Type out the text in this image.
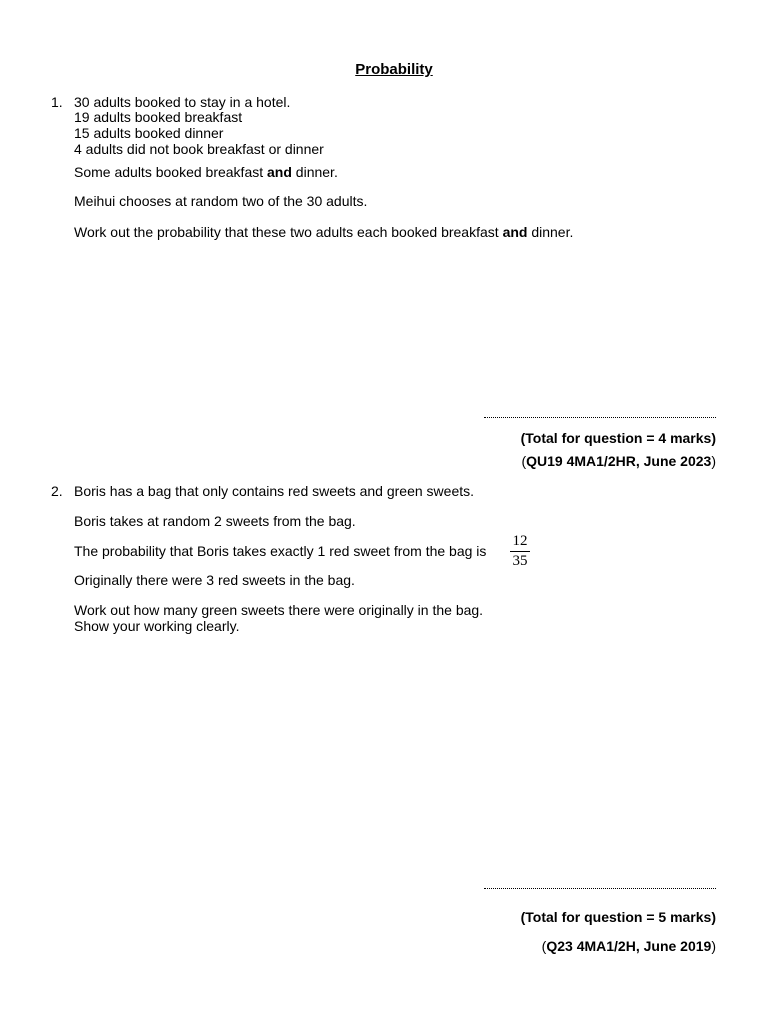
Probability
1. 30 adults booked to stay in a hotel.
19 adults booked breakfast
15 adults booked dinner
4 adults did not book breakfast or dinner
Some adults booked breakfast and dinner.
Meihui chooses at random two of the 30 adults.
Work out the probability that these two adults each booked breakfast and dinner.
(Total for question = 4 marks)
(QU19 4MA1/2HR, June 2023)
2. Boris has a bag that only contains red sweets and green sweets.
Boris takes at random 2 sweets from the bag.
The probability that Boris takes exactly 1 red sweet from the bag is
12
35
Originally there were 3 red sweets in the bag.
Work out how many green sweets there were originally in the bag.
Show your working clearly.
(Total for question = 5 marks)
(Q23 4MA1/2H, June 2019)
